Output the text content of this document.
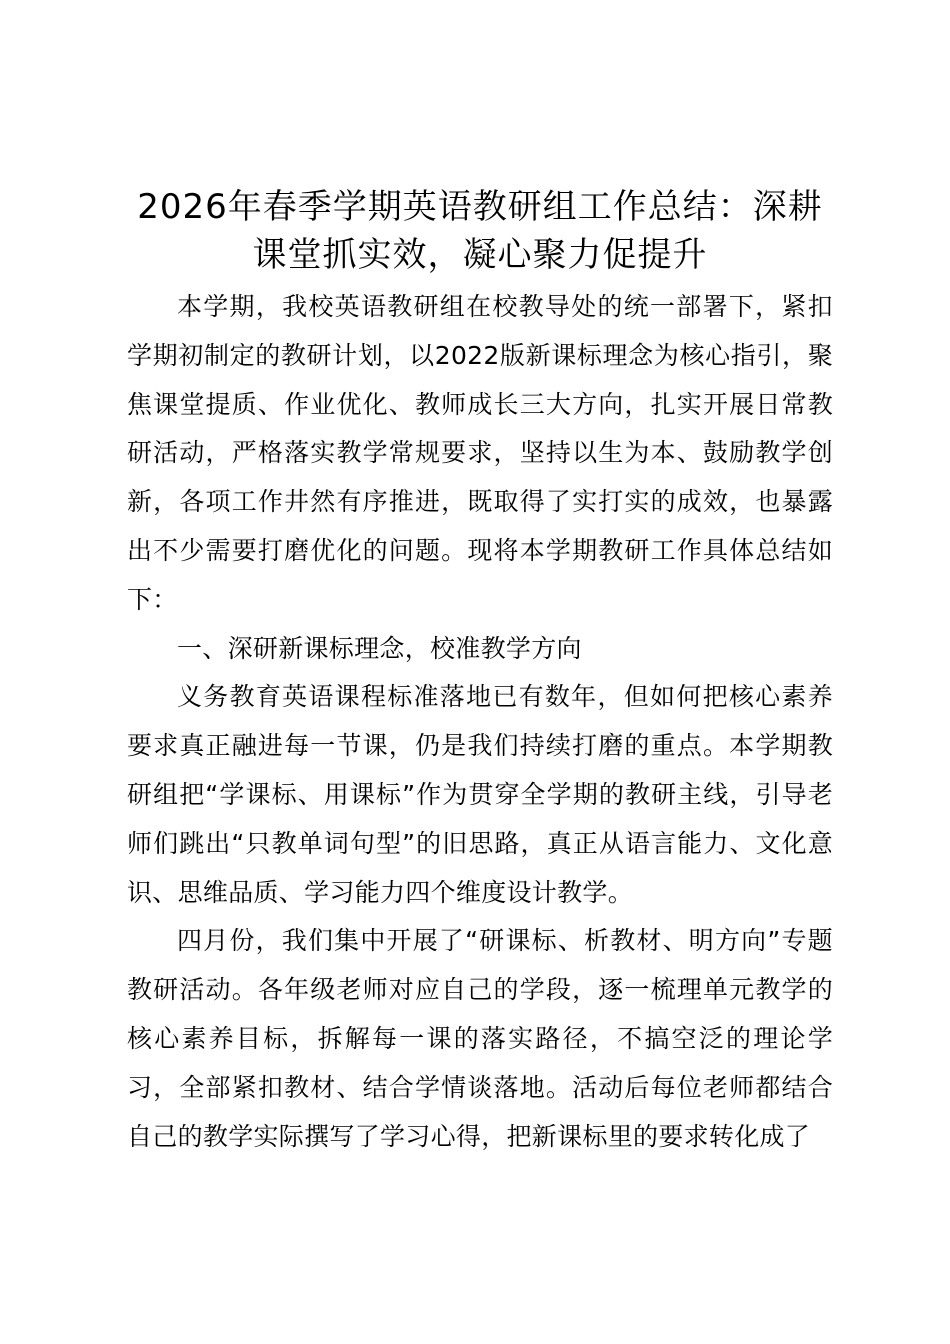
2026年春季学期英语教研组工作总结：深耕课堂抓实效，凝心聚力促提升

本学期，我校英语教研组在校教导处的统一部署下，紧扣学期初制定的教研计划，以2022版新课标理念为核心指引，聚焦课堂提质、作业优化、教师成长三大方向，扎实开展日常教研活动，严格落实教学常规要求，坚持以生为本、鼓励教学创新，各项工作井然有序推进，既取得了实打实的成效，也暴露出不少需要打磨优化的问题。现将本学期教研工作具体总结如下：

一、深研新课标理念，校准教学方向

义务教育英语课程标准落地已有数年，但如何把核心素养要求真正融进每一节课，仍是我们持续打磨的重点。本学期教研组把“学课标、用课标”作为贯穿全学期的教研主线，引导老师们跳出“只教单词句型”的旧思路，真正从语言能力、文化意识、思维品质、学习能力四个维度设计教学。

四月份，我们集中开展了“研课标、析教材、明方向”专题教研活动。各年级老师对应自己的学段，逐一梳理单元教学的核心素养目标，拆解每一课的落实路径，不搞空泛的理论学习，全部紧扣教材、结合学情谈落地。活动后每位老师都结合自己的教学实际撰写了学习心得，把新课标里的要求转化成了
